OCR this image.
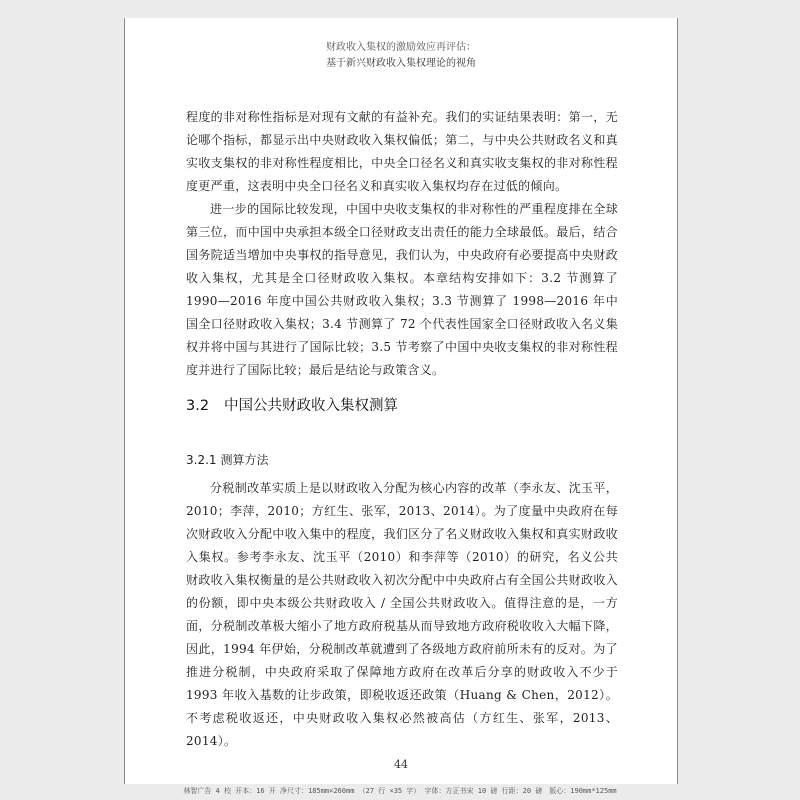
财政收入集权的激励效应再评估：
基于新兴财政收入集权理论的视角

程度的非对称性指标是对现有文献的有益补充。我们的实证结果表明：第一，无论哪个指标，都显示出中央财政收入集权偏低；第二，与中央公共财政名义和真实收支集权的非对称性程度相比，中央全口径名义和真实收支集权的非对称性程度更严重，这表明中央全口径名义和真实收入集权均存在过低的倾向。

进一步的国际比较发现，中国中央收支集权的非对称性的严重程度排在全球第三位，而中国中央承担本级全口径财政支出责任的能力全球最低。最后，结合国务院适当增加中央事权的指导意见，我们认为，中央政府有必要提高中央财政收入集权，尤其是全口径财政收入集权。本章结构安排如下：3.2 节测算了 1990—2016 年度中国公共财政收入集权；3.3 节测算了 1998—2016 年中国全口径财政收入集权；3.4 节测算了 72 个代表性国家全口径财政收入名义集权并将中国与其进行了国际比较；3.5 节考察了中国中央收支集权的非对称性程度并进行了国际比较；最后是结论与政策含义。

3.2 中国公共财政收入集权测算
3.2.1 测算方法

分税制改革实质上是以财政收入分配为核心内容的改革（李永友、沈玉平，2010；李萍，2010；方红生、张军，2013、2014）。为了度量中央政府在每次财政收入分配中收入集中的程度，我们区分了名义财政收入集权和真实财政收入集权。参考李永友、沈玉平（2010）和李萍等（2010）的研究，名义公共财政收入集权衡量的是公共财政收入初次分配中中央政府占有全国公共财政收入的份额，即中央本级公共财政收入 / 全国公共财政收入。值得注意的是，一方面，分税制改革极大缩小了地方政府税基从而导致地方政府税收收入大幅下降，因此，1994 年伊始，分税制改革就遭到了各级地方政府前所未有的反对。为了推进分税制，中央政府采取了保障地方政府在改革后分享的财政收入不少于 1993 年收入基数的让步政策，即税收返还政策（Huang & Chen，2012）。不考虑税收返还，中央财政收入集权必然被高估（方红生、张军，2013、2014）。

44
林智广告 4 校 开本：16 开 净尺寸：185mm×260mm （27 行 ×35 字） 字体：方正书宋 10 磅 行距：20 磅　版心：190mm*125mm
